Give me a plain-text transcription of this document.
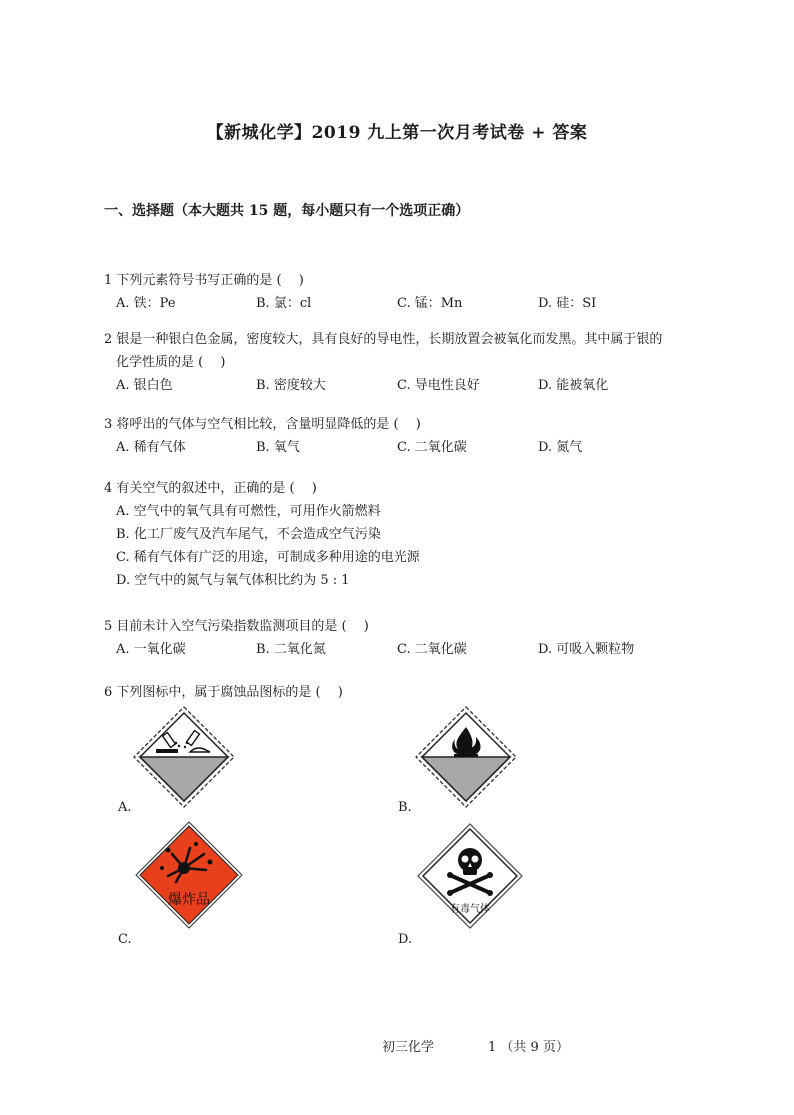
【新城化学】2019 九上第一次月考试卷 + 答案
一、选择题（本大题共 15 题，每小题只有一个选项正确）
1 下列元素符号书写正确的是 (　 )
A. 铁：Pe	B. 氯：cl	C. 锰：Mn	D. 硅：SI
2 银是一种银白色金属，密度较大，具有良好的导电性，长期放置会被氧化而发黑。其中属于银的
化学性质的是 (　 )
A. 银白色	B. 密度较大	C. 导电性良好	D. 能被氧化
3 将呼出的气体与空气相比较，含量明显降低的是 (　 )
A. 稀有气体	B. 氧气	C. 二氧化碳	D. 氮气
4 有关空气的叙述中，正确的是 (　 )
A. 空气中的氧气具有可燃性，可用作火箭燃料
B. 化工厂废气及汽车尾气，不会造成空气污染
C. 稀有气体有广泛的用途，可制成多种用途的电光源
D. 空气中的氮气与氧气体积比约为 5 : 1
5 目前未计入空气污染指数监测项目的是 (　 )
A. 一氧化碳	B. 二氧化氮	C. 二氧化碳	D. 可吸入颗粒物
6 下列图标中，属于腐蚀品图标的是 (　 )
A.	B.
爆炸品
C.
有毒气体
D.
初三化学	1 （共 9 页）
